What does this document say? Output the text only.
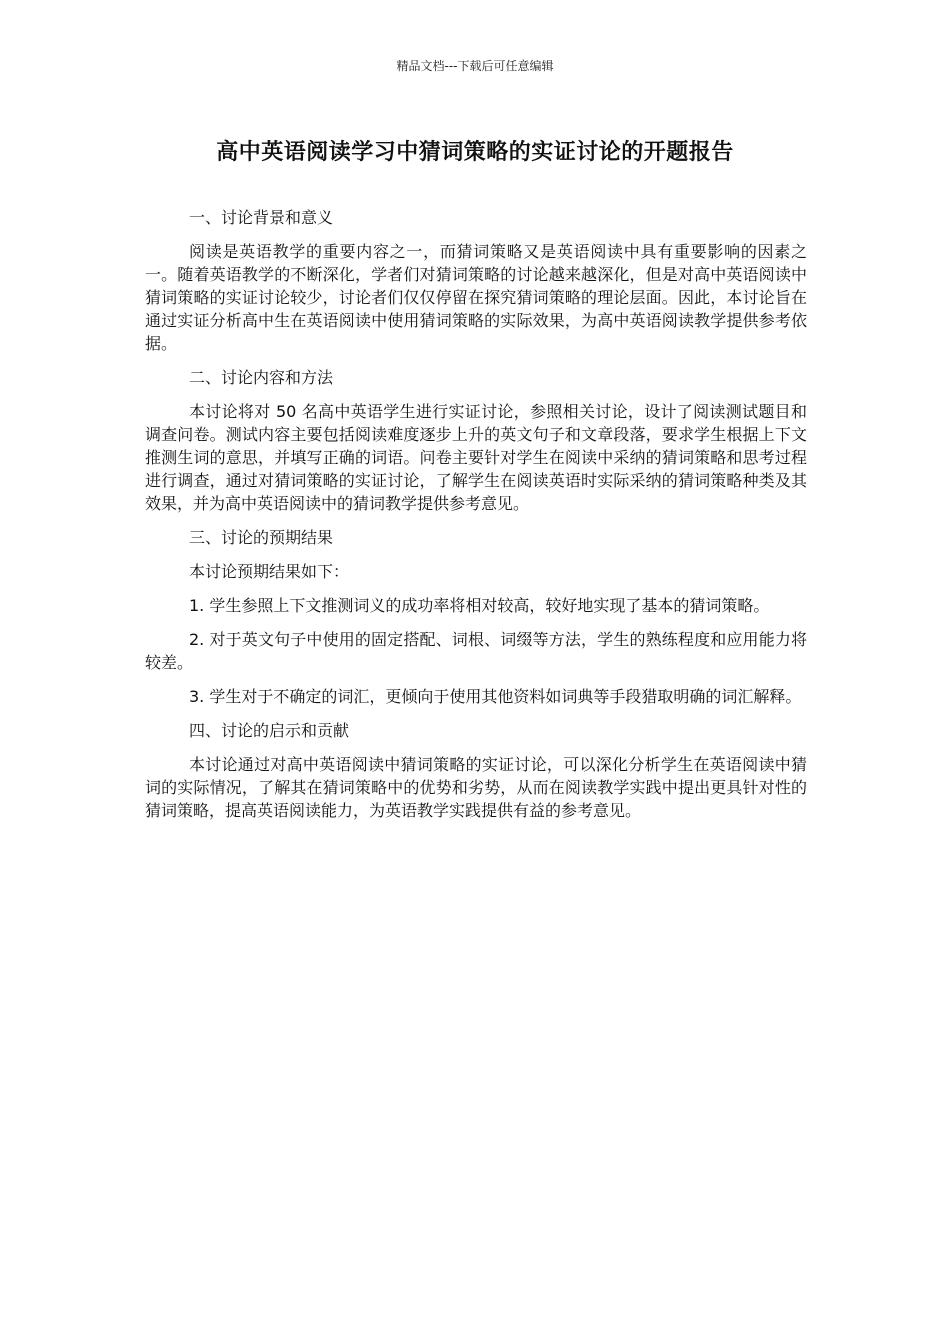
精品文档---下载后可任意编辑
高中英语阅读学习中猜词策略的实证讨论的开题报告

一、讨论背景和意义

阅读是英语教学的重要内容之一，而猜词策略又是英语阅读中具有重要影响的因素之一。随着英语教学的不断深化，学者们对猜词策略的讨论越来越深化，但是对高中英语阅读中猜词策略的实证讨论较少，讨论者们仅仅停留在探究猜词策略的理论层面。因此，本讨论旨在通过实证分析高中生在英语阅读中使用猜词策略的实际效果，为高中英语阅读教学提供参考依据。

二、讨论内容和方法

本讨论将对 50 名高中英语学生进行实证讨论，参照相关讨论，设计了阅读测试题目和调查问卷。测试内容主要包括阅读难度逐步上升的英文句子和文章段落，要求学生根据上下文推测生词的意思，并填写正确的词语。问卷主要针对学生在阅读中采纳的猜词策略和思考过程进行调查，通过对猜词策略的实证讨论，了解学生在阅读英语时实际采纳的猜词策略种类及其效果，并为高中英语阅读中的猜词教学提供参考意见。

三、讨论的预期结果

本讨论预期结果如下：

1. 学生参照上下文推测词义的成功率将相对较高，较好地实现了基本的猜词策略。

2. 对于英文句子中使用的固定搭配、词根、词缀等方法，学生的熟练程度和应用能力将较差。

3. 学生对于不确定的词汇，更倾向于使用其他资料如词典等手段猎取明确的词汇解释。

四、讨论的启示和贡献

本讨论通过对高中英语阅读中猜词策略的实证讨论，可以深化分析学生在英语阅读中猜词的实际情况，了解其在猜词策略中的优势和劣势，从而在阅读教学实践中提出更具针对性的猜词策略，提高英语阅读能力，为英语教学实践提供有益的参考意见。
